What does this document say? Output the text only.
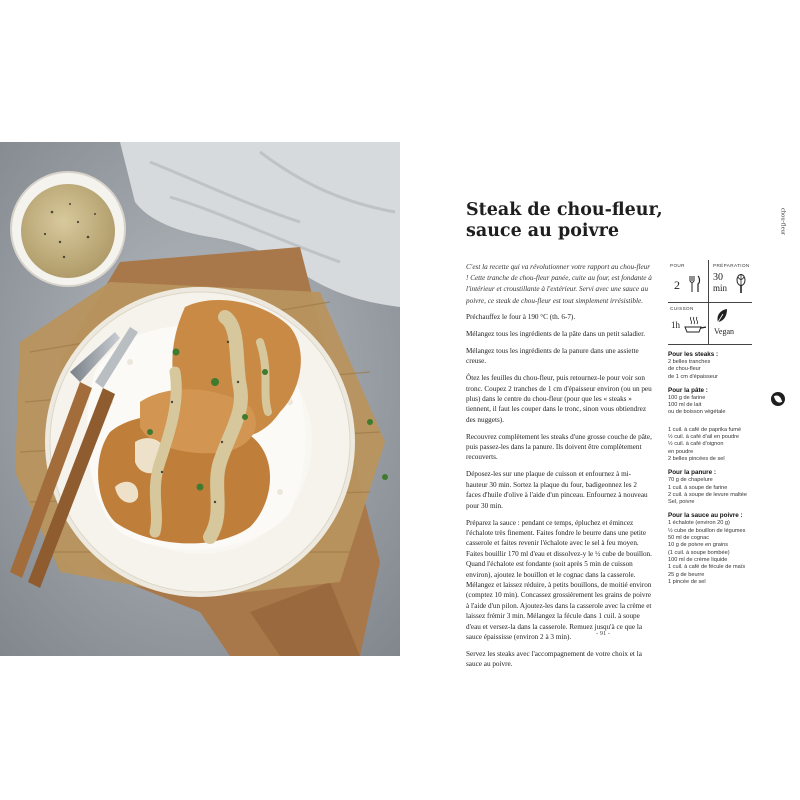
Steak de chou-fleur,
sauce au poivre

C'est la recette qui va révolutionner votre rapport au chou-fleur ! Cette tranche de chou-fleur panée, cuite au four, est fondante à l'intérieur et croustillante à l'extérieur. Servi avec une sauce au poivre, ce steak de chou-fleur est tout simplement irrésistible.

Préchauffez le four à 190 °C (th. 6-7).

Mélangez tous les ingrédients de la pâte dans un petit saladier.

Mélangez tous les ingrédients de la panure dans une assiette creuse.

Ôtez les feuilles du chou-fleur, puis retournez-le pour voir son tronc. Coupez 2 tranches de 1 cm d'épaisseur environ (ou un peu plus) dans le centre du chou-fleur (pour que les « steaks » tiennent, il faut les couper dans le tronc, sinon vous obtiendrez des nuggets).

Recouvrez complètement les steaks d'une grosse couche de pâte, puis passez-les dans la panure. Ils doivent être complètement recouverts.

Déposez-les sur une plaque de cuisson et enfournez à mi-hauteur 30 min. Sortez la plaque du four, badigeonnez les 2 faces d'huile d'olive à l'aide d'un pinceau. Enfournez à nouveau pour 30 min.

Préparez la sauce : pendant ce temps, épluchez et émincez l'échalote très finement. Faites fondre le beurre dans une petite casserole et faites revenir l'échalote avec le sel à feu moyen. Faites bouillir 170 ml d'eau et dissolvez-y le ½ cube de bouillon. Quand l'échalote est fondante (soit après 5 min de cuisson environ), ajoutez le bouillon et le cognac dans la casserole. Mélangez et laissez réduire, à petits bouillons, de moitié environ (comptez 10 min). Concassez grossièrement les grains de poivre à l'aide d'un pilon. Ajoutez-les dans la casserole avec la crème et laissez frémir 3 min. Mélangez la fécule dans 1 cuil. à soupe d'eau et versez-la dans la casserole. Remuez jusqu'à ce que la sauce épaississe (environ 2 à 3 min).

Servez les steaks avec l'accompagnement de votre choix et la sauce au poivre.

POUR
2
PRÉPARATION
30
min
CUISSON
1h
Vegan
Pour les steaks :
2 belles tranches
de chou-fleur
de 1 cm d'épaisseur
Pour la pâte :
100 g de farine
100 ml de lait
ou de boisson végétale
1 cuil. à café de paprika fumé
½ cuil. à café d'ail en poudre
½ cuil. à café d'oignon
en poudre
2 belles pincées de sel
Pour la panure :
70 g de chapelure
1 cuil. à soupe de farine
2 cuil. à soupe de levure maltée
Sel, poivre
Pour la sauce au poivre :
1 échalote (environ 20 g)
½ cube de bouillon de légumes
50 ml de cognac
10 g de poivre en grains
(1 cuil. à soupe bombée)
100 ml de crème liquide
1 cuil. à café de fécule de maïs
25 g de beurre
1 pincée de sel
chou-fleur
- 91 -
